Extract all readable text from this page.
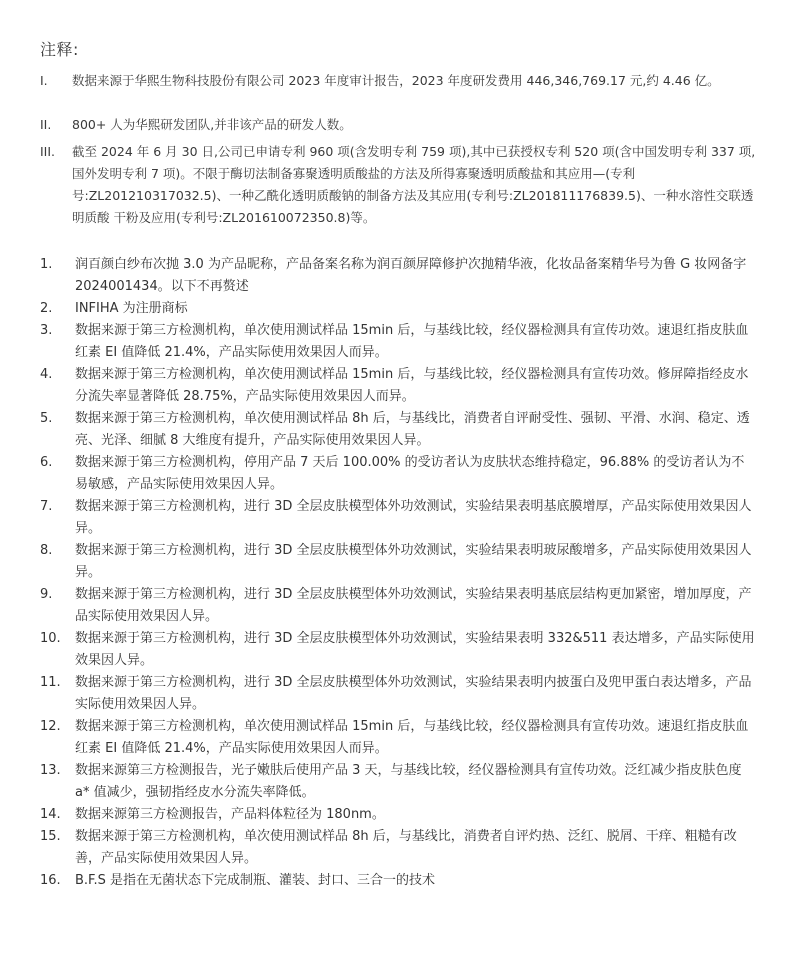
注释:
I. 数据来源于华熙生物科技股份有限公司 2023 年度审计报告，2023 年度研发费用 446,346,769.17 元,约 4.46 亿。
II. 800+ 人为华熙研发团队,并非该产品的研发人数。
III. 截至 2024 年 6 月 30 日,公司已申请专利 960 项(含发明专利 759 项),其中已获授权专利 520 项(含中国发明专利 337 项,国外发明专利 7 项)。不限于酶切法制备寡聚透明质酸盐的方法及所得寡聚透明质酸盐和其应用—(专利号:ZL201210317032.5)、一种乙酰化透明质酸钠的制备方法及其应用(专利号:ZL201811176839.5)、一种水溶性交联透明质酸 干粉及应用(专利号:ZL201610072350.8)等。
1. 润百颜白纱布次抛 3.0 为产品昵称，产品备案名称为润百颜屏障修护次抛精华液，化妆品备案精华号为鲁 G 妆网备字 2024001434。以下不再赘述
2. INFIHA 为注册商标
3. 数据来源于第三方检测机构，单次使用测试样品 15min 后，与基线比较，经仪器检测具有宣传功效。速退红指皮肤血红素 EI 值降低 21.4%，产品实际使用效果因人而异。
4. 数据来源于第三方检测机构，单次使用测试样品 15min 后，与基线比较，经仪器检测具有宣传功效。修屏障指经皮水分流失率显著降低 28.75%，产品实际使用效果因人而异。
5. 数据来源于第三方检测机构，单次使用测试样品 8h 后，与基线比，消费者自评耐受性、强韧、平滑、水润、稳定、透亮、光泽、细腻 8 大维度有提升，产品实际使用效果因人异。
6. 数据来源于第三方检测机构，停用产品 7 天后 100.00% 的受访者认为皮肤状态维持稳定，96.88% 的受访者认为不易敏感，产品实际使用效果因人异。
7. 数据来源于第三方检测机构，进行 3D 全层皮肤模型体外功效测试，实验结果表明基底膜增厚，产品实际使用效果因人异。
8. 数据来源于第三方检测机构，进行 3D 全层皮肤模型体外功效测试，实验结果表明玻尿酸增多，产品实际使用效果因人异。
9. 数据来源于第三方检测机构，进行 3D 全层皮肤模型体外功效测试，实验结果表明基底层结构更加紧密，增加厚度，产品实际使用效果因人异。
10. 数据来源于第三方检测机构，进行 3D 全层皮肤模型体外功效测试，实验结果表明 332&511 表达增多，产品实际使用效果因人异。
11. 数据来源于第三方检测机构，进行 3D 全层皮肤模型体外功效测试，实验结果表明内披蛋白及兜甲蛋白表达增多，产品实际使用效果因人异。
12. 数据来源于第三方检测机构，单次使用测试样品 15min 后，与基线比较，经仪器检测具有宣传功效。速退红指皮肤血红素 EI 值降低 21.4%，产品实际使用效果因人而异。
13. 数据来源第三方检测报告，光子嫩肤后使用产品 3 天，与基线比较，经仪器检测具有宣传功效。泛红减少指皮肤色度 a* 值减少，强韧指经皮水分流失率降低。
14. 数据来源第三方检测报告，产品料体粒径为 180nm。
15. 数据来源于第三方检测机构，单次使用测试样品 8h 后，与基线比，消费者自评灼热、泛红、脱屑、干痒、粗糙有改善，产品实际使用效果因人异。
16. B.F.S 是指在无菌状态下完成制瓶、灌装、封口、三合一的技术
